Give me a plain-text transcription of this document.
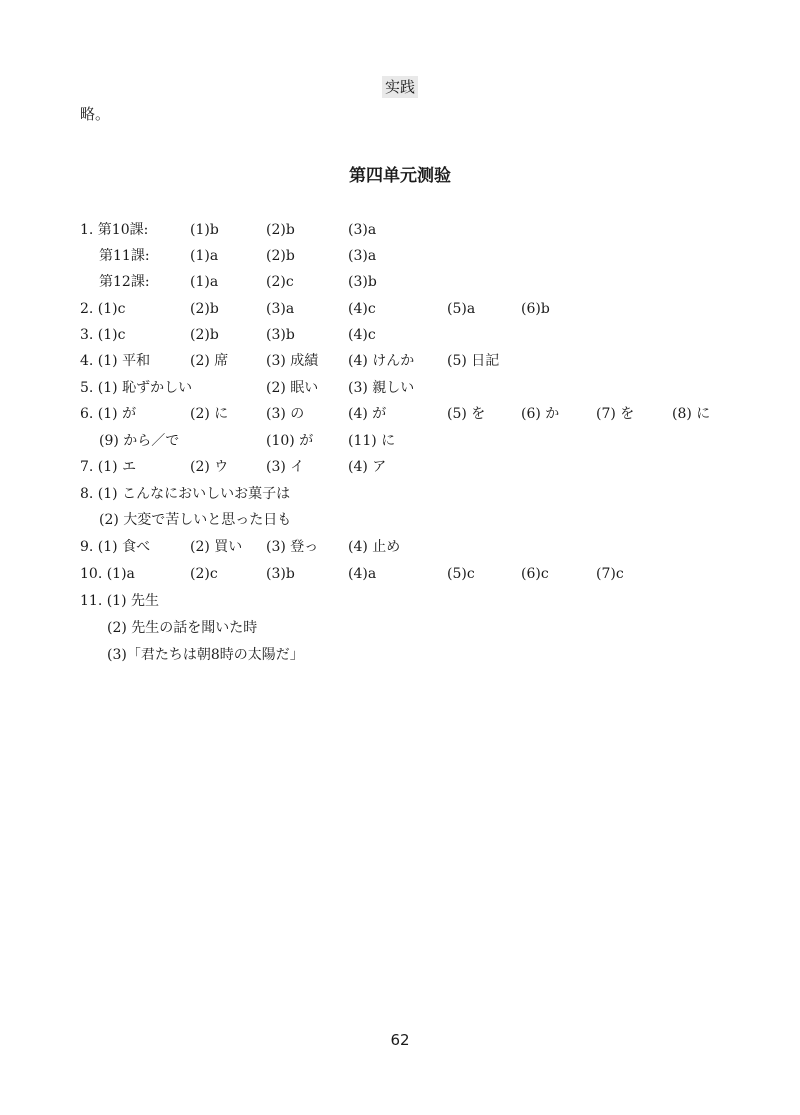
实践
略。
第四单元测验
1. 第10課:	(1)b	(2)b	(3)a
第11課:	(1)a	(2)b	(3)a
第12課:	(1)a	(2)c	(3)b
2. (1)c	(2)b	(3)a	(4)c	(5)a	(6)b
3. (1)c	(2)b	(3)b	(4)c
4. (1) 平和	(2) 席	(3) 成績 (4) けんか (5) 日記
5. (1) 恥ずかしい	(2) 眠い (3) 親しい
6. (1) が	(2) に	(3) の	(4) が	(5) を	(6) か	(7) を	(8) に
(9) から／で	(10) が (11) に
7. (1) エ	(2) ウ	(3) イ	(4) ア
8. (1) こんなにおいしいお菓子は
(2) 大変で苦しいと思った日も
9. (1) 食べ	(2) 買い (3) 登っ (4) 止め
10. (1)a	(2)c	(3)b	(4)a	(5)c	(6)c	(7)c
11. (1) 先生
(2) 先生の話を聞いた時
(3)「君たちは朝8時の太陽だ」
62
